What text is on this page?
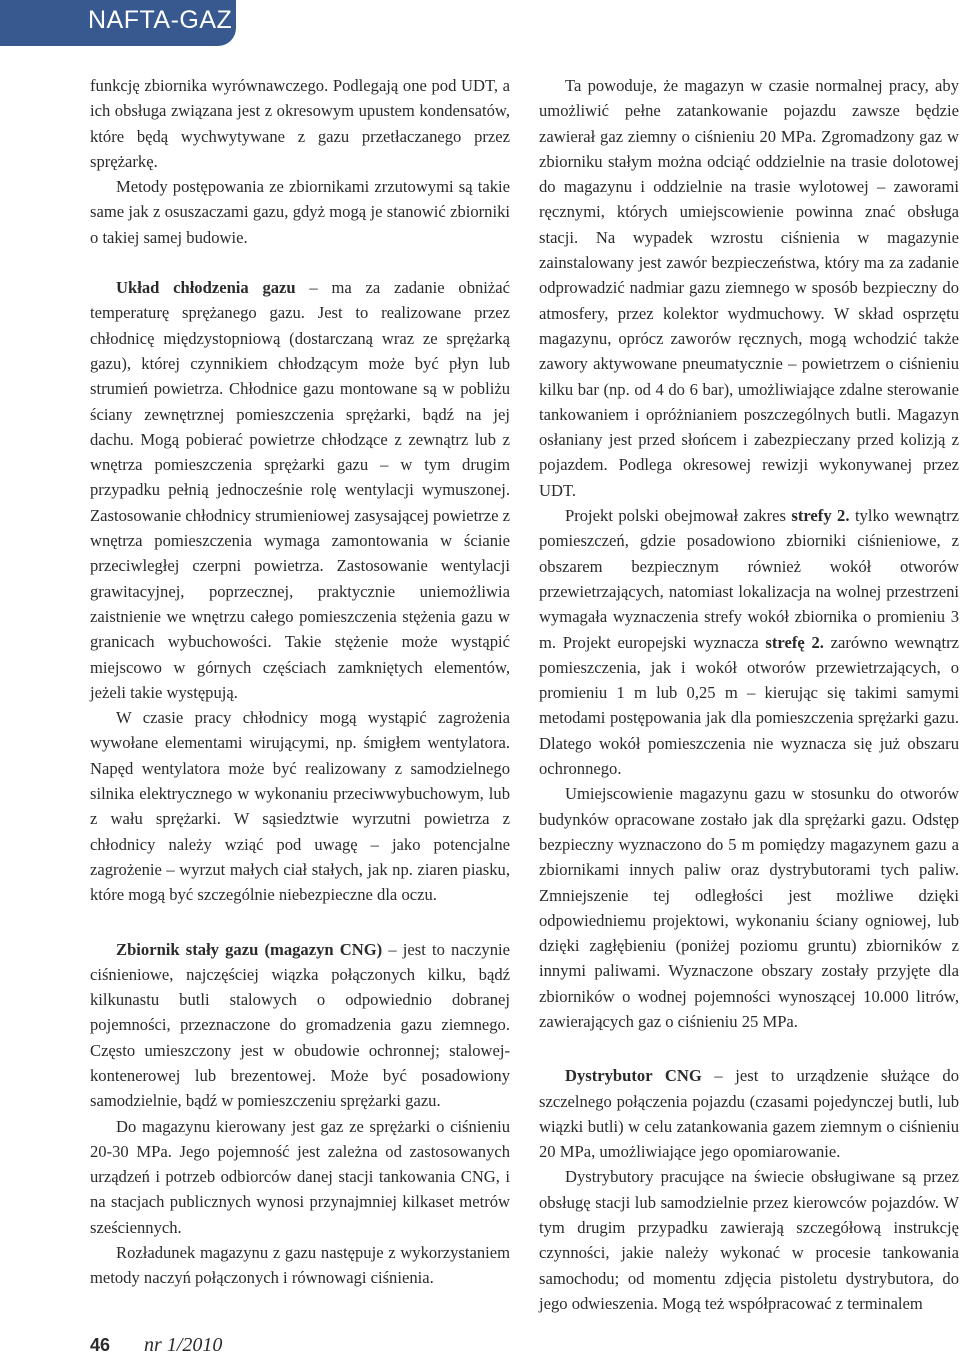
NAFTA-GAZ

funkcję zbiornika wyrównawczego. Podlegają one pod UDT, a ich obsługa związana jest z okresowym upustem kondensatów, które będą wychwytywane z gazu przetłaczanego przez sprężarkę.

Metody postępowania ze zbiornikami zrzutowymi są takie same jak z osuszaczami gazu, gdyż mogą je stanowić zbiorniki o takiej samej budowie.

Układ chłodzenia gazu – ma za zadanie obniżać temperaturę sprężanego gazu. Jest to realizowane przez chłodnicę międzystopniową (dostarczaną wraz ze sprężarką gazu), której czynnikiem chłodzącym może być płyn lub strumień powietrza. Chłodnice gazu montowane są w pobliżu ściany zewnętrznej pomieszczenia sprężarki, bądź na jej dachu. Mogą pobierać powietrze chłodzące z zewnątrz lub z wnętrza pomieszczenia sprężarki gazu – w tym drugim przypadku pełnią jednocześnie rolę wentylacji wymuszonej. Zastosowanie chłodnicy strumieniowej zasysającej powietrze z wnętrza pomieszczenia wymaga zamontowania w ścianie przeciwległej czerpni powietrza. Zastosowanie wentylacji grawitacyjnej, poprzecznej, praktycznie uniemożliwia zaistnienie we wnętrzu całego pomieszczenia stężenia gazu w granicach wybuchowości. Takie stężenie może wystąpić miejscowo w górnych częściach zamkniętych elementów, jeżeli takie występują.

W czasie pracy chłodnicy mogą wystąpić zagrożenia wywołane elementami wirującymi, np. śmigłem wentylatora. Napęd wentylatora może być realizowany z samodzielnego silnika elektrycznego w wykonaniu przeciwwybuchowym, lub z wału sprężarki. W sąsiedztwie wyrzutni powietrza z chłodnicy należy wziąć pod uwagę – jako potencjalne zagrożenie – wyrzut małych ciał stałych, jak np. ziaren piasku, które mogą być szczególnie niebezpieczne dla oczu.

Zbiornik stały gazu (magazyn CNG) – jest to naczynie ciśnieniowe, najczęściej wiązka połączonych kilku, bądź kilkunastu butli stalowych o odpowiednio dobranej pojemności, przeznaczone do gromadzenia gazu ziemnego. Często umieszczony jest w obudowie ochronnej; stalowej-kontenerowej lub brezentowej. Może być posadowiony samodzielnie, bądź w pomieszczeniu sprężarki gazu.

Do magazynu kierowany jest gaz ze sprężarki o ciśnieniu 20-30 MPa. Jego pojemność jest zależna od zastosowanych urządzeń i potrzeb odbiorców danej stacji tankowania CNG, i na stacjach publicznych wynosi przynajmniej kilkaset metrów sześciennych.

Rozładunek magazynu z gazu następuje z wykorzystaniem metody naczyń połączonych i równowagi ciśnienia.

Ta powoduje, że magazyn w czasie normalnej pracy, aby umożliwić pełne zatankowanie pojazdu zawsze będzie zawierał gaz ziemny o ciśnieniu 20 MPa. Zgromadzony gaz w zbiorniku stałym można odciąć oddzielnie na trasie dolotowej do magazynu i oddzielnie na trasie wylotowej – zaworami ręcznymi, których umiejscowienie powinna znać obsługa stacji. Na wypadek wzrostu ciśnienia w magazynie zainstalowany jest zawór bezpieczeństwa, który ma za zadanie odprowadzić nadmiar gazu ziemnego w sposób bezpieczny do atmosfery, przez kolektor wydmuchowy. W skład osprzętu magazynu, oprócz zaworów ręcznych, mogą wchodzić także zawory aktywowane pneumatycznie – powietrzem o ciśnieniu kilku bar (np. od 4 do 6 bar), umożliwiające zdalne sterowanie tankowaniem i opróżnianiem poszczególnych butli. Magazyn osłaniany jest przed słońcem i zabezpieczany przed kolizją z pojazdem. Podlega okresowej rewizji wykonywanej przez UDT.

Projekt polski obejmował zakres strefy 2. tylko wewnątrz pomieszczeń, gdzie posadowiono zbiorniki ciśnieniowe, z obszarem bezpiecznym również wokół otworów przewietrzających, natomiast lokalizacja na wolnej przestrzeni wymagała wyznaczenia strefy wokół zbiornika o promieniu 3 m. Projekt europejski wyznacza strefę 2. zarówno wewnątrz pomieszczenia, jak i wokół otworów przewietrzających, o promieniu 1 m lub 0,25 m – kierując się takimi samymi metodami postępowania jak dla pomieszczenia sprężarki gazu. Dlatego wokół pomieszczenia nie wyznacza się już obszaru ochronnego.

Umiejscowienie magazynu gazu w stosunku do otworów budynków opracowane zostało jak dla sprężarki gazu. Odstęp bezpieczny wyznaczono do 5 m pomiędzy magazynem gazu a zbiornikami innych paliw oraz dystrybutorami tych paliw. Zmniejszenie tej odległości jest możliwe dzięki odpowiedniemu projektowi, wykonaniu ściany ogniowej, lub dzięki zagłębieniu (poniżej poziomu gruntu) zbiorników z innymi paliwami. Wyznaczone obszary zostały przyjęte dla zbiorników o wodnej pojemności wynoszącej 10.000 litrów, zawierających gaz o ciśnieniu 25 MPa.

Dystrybutor CNG – jest to urządzenie służące do szczelnego połączenia pojazdu (czasami pojedynczej butli, lub wiązki butli) w celu zatankowania gazem ziemnym o ciśnieniu 20 MPa, umożliwiające jego opomiarowanie.

Dystrybutory pracujące na świecie obsługiwane są przez obsługę stacji lub samodzielnie przez kierowców pojazdów. W tym drugim przypadku zawierają szczegółową instrukcję czynności, jakie należy wykonać w procesie tankowania samochodu; od momentu zdjęcia pistoletu dystrybutora, do jego odwieszenia. Mogą też współpracować z terminalem

46 nr 1/2010
